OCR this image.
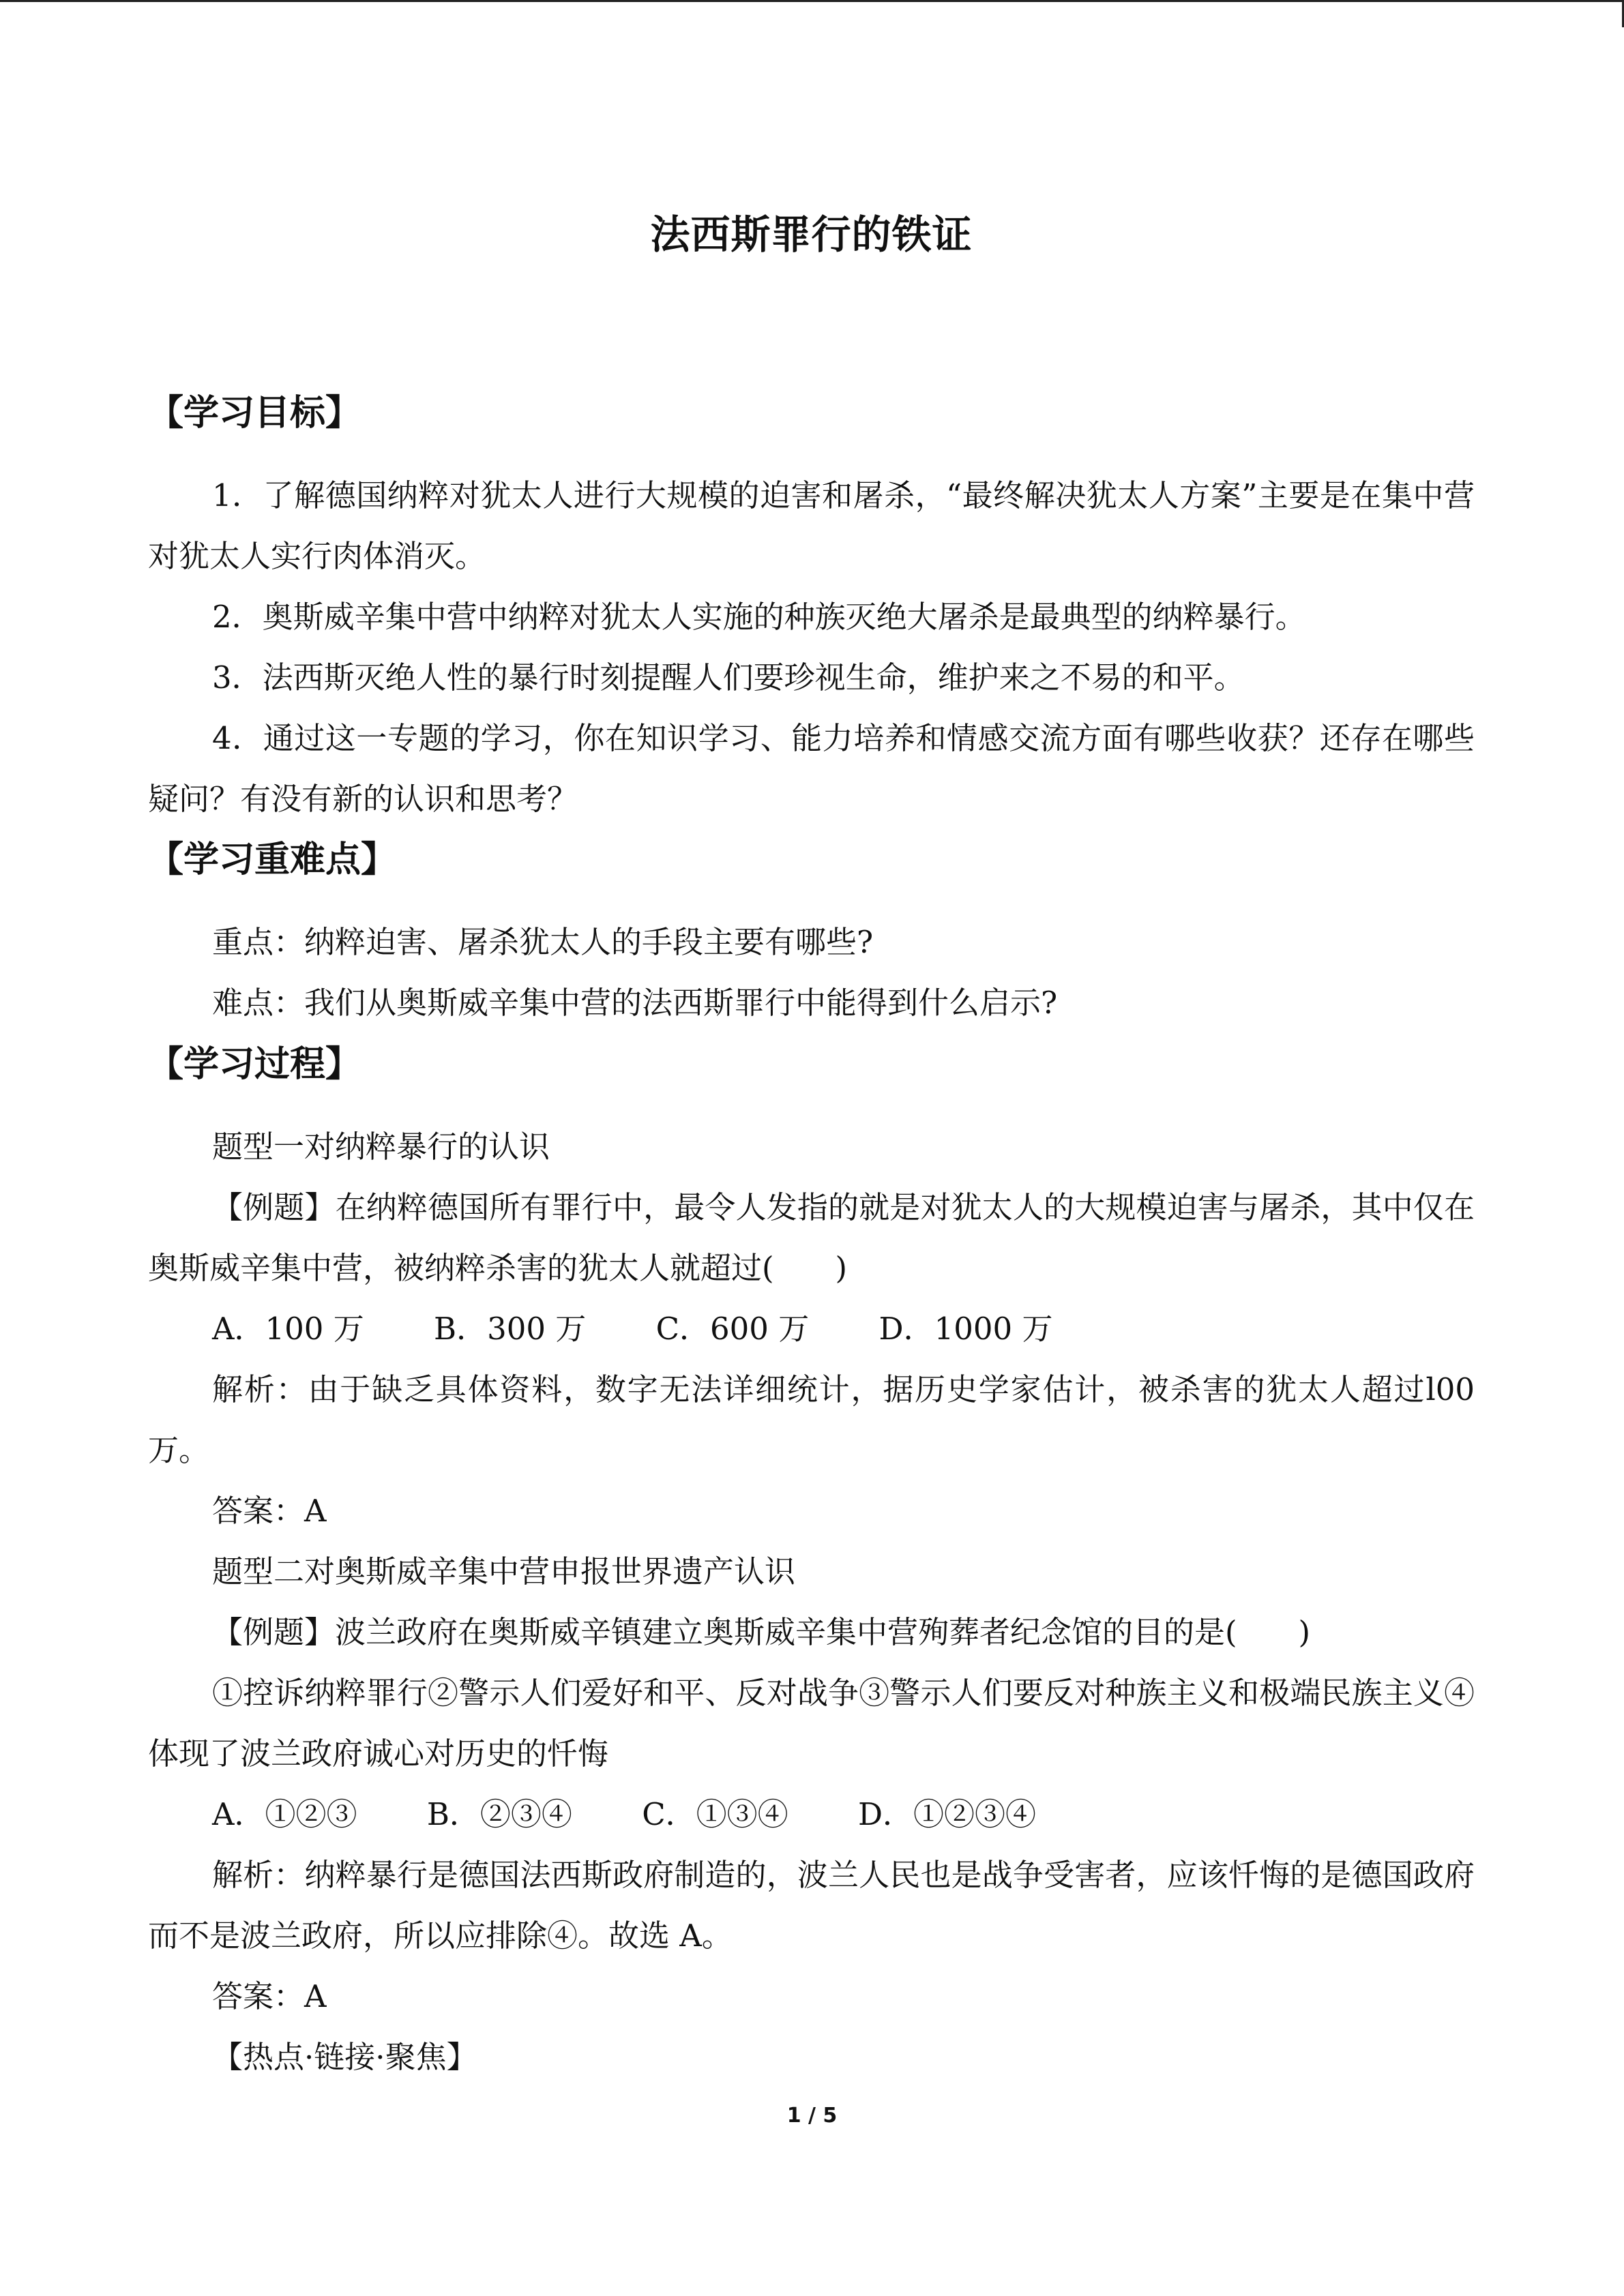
法西斯罪行的铁证
【学习目标】
1．了解德国纳粹对犹太人进行大规模的迫害和屠杀，“最终解决犹太人方案”主要是在集中营对犹太人实行肉体消灭。
2．奥斯威辛集中营中纳粹对犹太人实施的种族灭绝大屠杀是最典型的纳粹暴行。
3．法西斯灭绝人性的暴行时刻提醒人们要珍视生命，维护来之不易的和平。
4．通过这一专题的学习，你在知识学习、能力培养和情感交流方面有哪些收获？还存在哪些疑问？有没有新的认识和思考？
【学习重难点】
重点：纳粹迫害、屠杀犹太人的手段主要有哪些?
难点：我们从奥斯威辛集中营的法西斯罪行中能得到什么启示?
【学习过程】
题型一对纳粹暴行的认识
【例题】在纳粹德国所有罪行中，最令人发指的就是对犹太人的大规模迫害与屠杀，其中仅在奥斯威辛集中营，被纳粹杀害的犹太人就超过(　　)
A．100 万 B．300 万 C．600 万 D．1000 万
解析：由于缺乏具体资料，数字无法详细统计，据历史学家估计，被杀害的犹太人超过l00 万。
答案：A
题型二对奥斯威辛集中营申报世界遗产认识
【例题】波兰政府在奥斯威辛镇建立奥斯威辛集中营殉葬者纪念馆的目的是(　　)
①控诉纳粹罪行②警示人们爱好和平、反对战争③警示人们要反对种族主义和极端民族主义④体现了波兰政府诚心对历史的忏悔
A．①②③ B．②③④ C．①③④ D．①②③④
解析：纳粹暴行是德国法西斯政府制造的，波兰人民也是战争受害者，应该忏悔的是德国政府而不是波兰政府，所以应排除④。故选 A。
答案：A
【热点·链接·聚焦】
1 / 5
